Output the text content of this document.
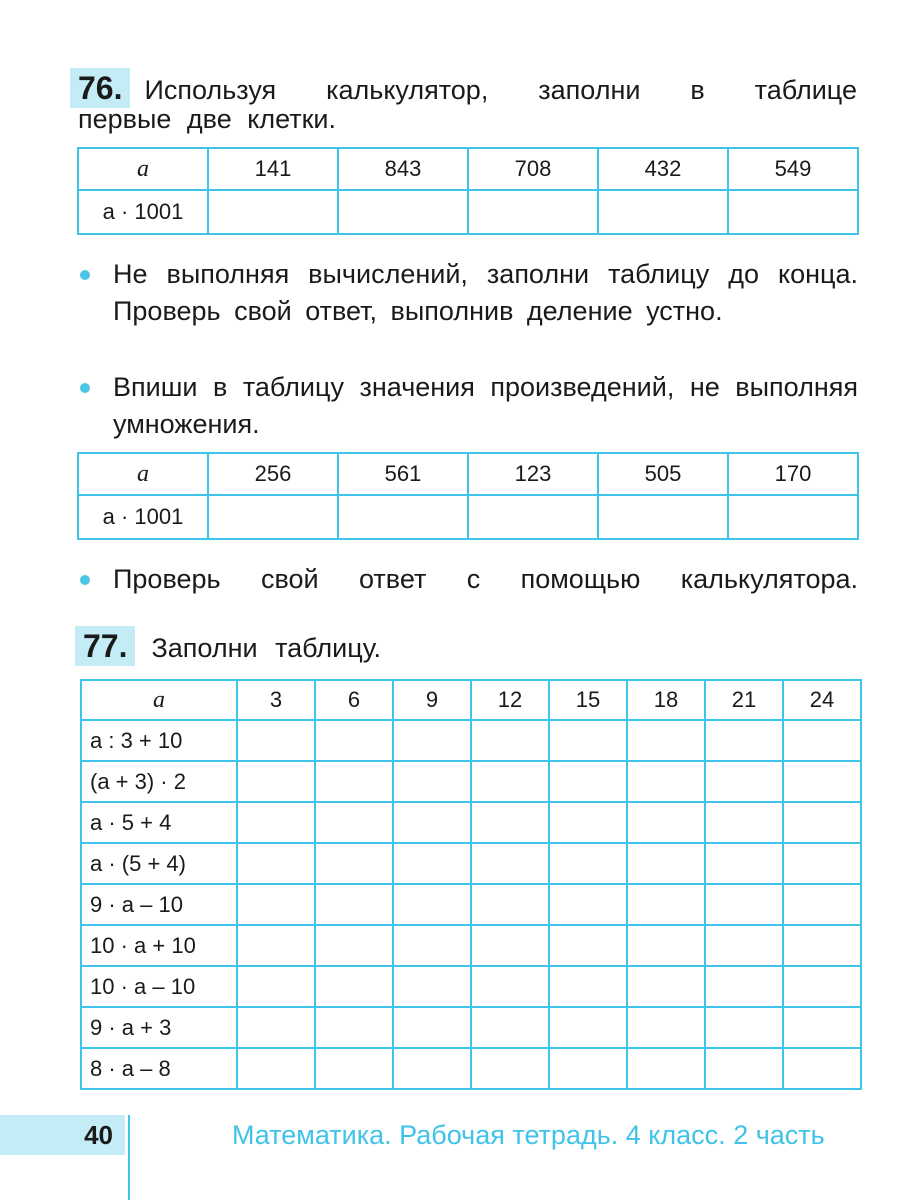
76. Используя калькулятор, заполни в таблице
первые две клетки.
a	141	843	708	432	549
a · 1001					
Не выполняя вычислений, заполни таблицу до конца. Проверь свой ответ, выполнив деление устно.
Впиши в таблицу значения произведений, не выполняя умножения.
a	256	561	123	505	170
a · 1001					
Проверь свой ответ с помощью калькулятора.
77. Заполни таблицу.
a	3	6	9	12	15	18	21	24
a : 3 + 10								
(a + 3) · 2								
a · 5 + 4								
a · (5 + 4)								
9 · a – 10								
10 · a + 10								
10 · a – 10								
9 · a + 3								
8 · a – 8								
40	Математика. Рабочая тетрадь. 4 класс. 2 часть
